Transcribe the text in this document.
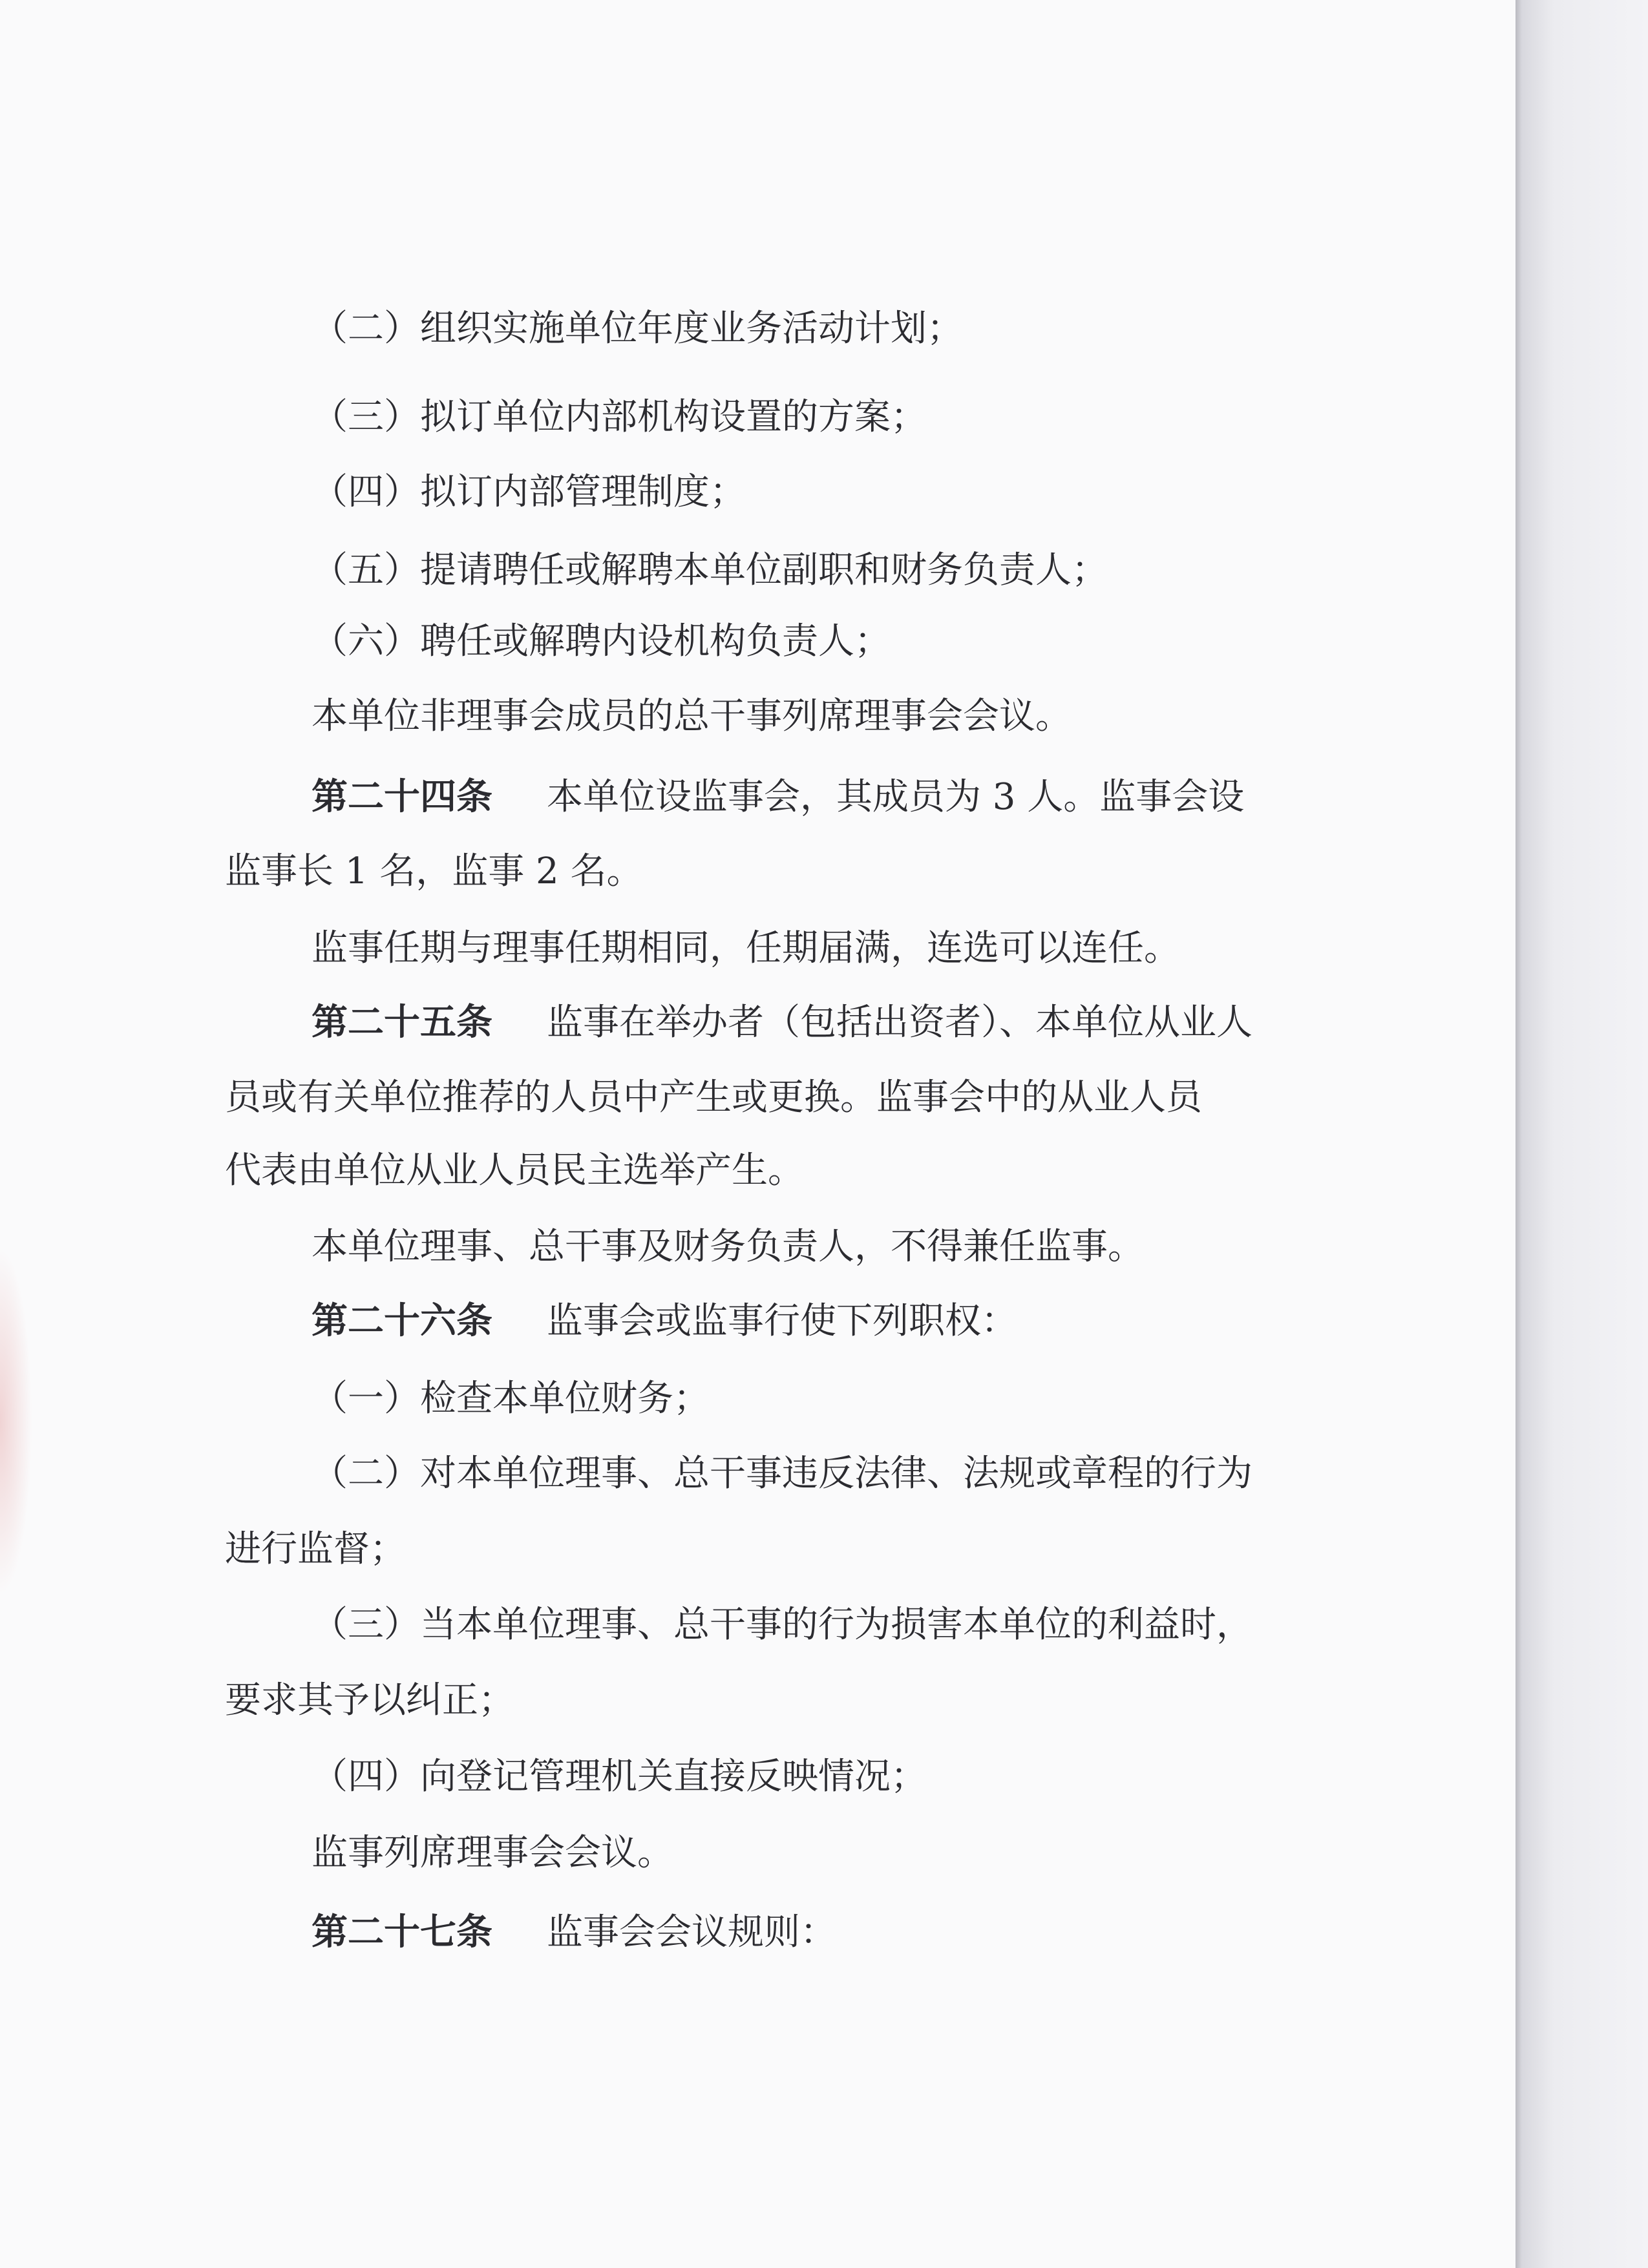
（二）组织实施单位年度业务活动计划；
（三）拟订单位内部机构设置的方案；
（四）拟订内部管理制度；
（五）提请聘任或解聘本单位副职和财务负责人；
（六）聘任或解聘内设机构负责人；
本单位非理事会成员的总干事列席理事会会议。
第二十四条 本单位设监事会，其成员为 3 人。监事会设
监事长 1 名，监事 2 名。
监事任期与理事任期相同，任期届满，连选可以连任。
第二十五条 监事在举办者（包括出资者）、本单位从业人
员或有关单位推荐的人员中产生或更换。监事会中的从业人员
代表由单位从业人员民主选举产生。
本单位理事、总干事及财务负责人，不得兼任监事。
第二十六条 监事会或监事行使下列职权：
（一）检查本单位财务；
（二）对本单位理事、总干事违反法律、法规或章程的行为
进行监督；
（三）当本单位理事、总干事的行为损害本单位的利益时，
要求其予以纠正；
（四）向登记管理机关直接反映情况；
监事列席理事会会议。
第二十七条 监事会会议规则：
